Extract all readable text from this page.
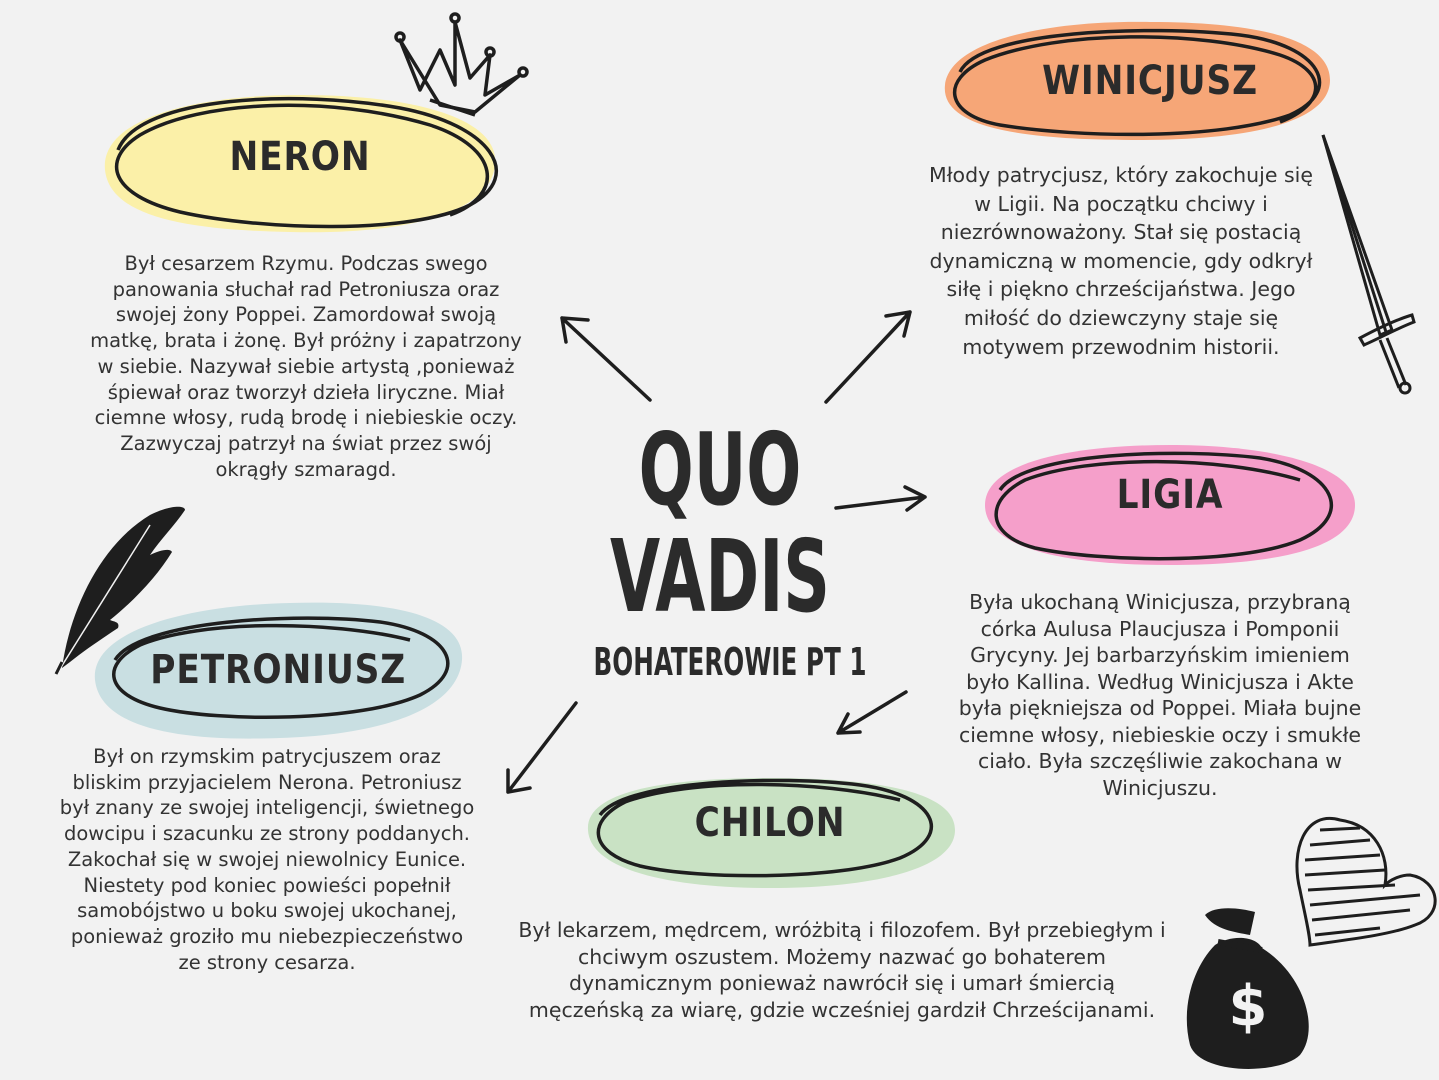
$
QUO
VADIS
BOHATEROWIE PT 1
NERON
WINICJUSZ
LIGIA
PETRONIUSZ
CHILON
Był cesarzem Rzymu. Podczas swego panowania słuchał rad Petroniusza oraz swojej żony Poppei. Zamordował swoją matkę, brata i żonę. Był próżny i zapatrzony w siebie. Nazywał siebie artystą ,ponieważ śpiewał oraz tworzył dzieła liryczne. Miał ciemne włosy, rudą brodę i niebieskie oczy. Zazwyczaj patrzył na świat przez swój okrągły szmaragd.
Młody patrycjusz, który zakochuje się w Ligii. Na początku chciwy i niezrównoważony. Stał się postacią dynamiczną w momencie, gdy odkrył siłę i piękno chrześcijaństwa. Jego miłość do dziewczyny staje się motywem przewodnim historii.
Była ukochaną Winicjusza, przybraną córka Aulusa Plaucjusza i Pomponii Grycyny. Jej barbarzyńskim imieniem było Kallina. Według Winicjusza i Akte była piękniejsza od Poppei. Miała bujne ciemne włosy, niebieskie oczy i smukłe ciało. Była szczęśliwie zakochana w Winicjuszu.
Był on rzymskim patrycjuszem oraz bliskim przyjacielem Nerona. Petroniusz był znany ze swojej inteligencji, świetnego dowcipu i szacunku ze strony poddanych. Zakochał się w swojej niewolnicy Eunice. Niestety pod koniec powieści popełnił samobójstwo u boku swojej ukochanej, ponieważ groziło mu niebezpieczeństwo ze strony cesarza.
Był lekarzem, mędrcem, wróżbitą i filozofem. Był przebiegłym i chciwym oszustem. Możemy nazwać go bohaterem dynamicznym ponieważ nawrócił się i umarł śmiercią męczeńską za wiarę, gdzie wcześniej gardził Chrześcijanami.
